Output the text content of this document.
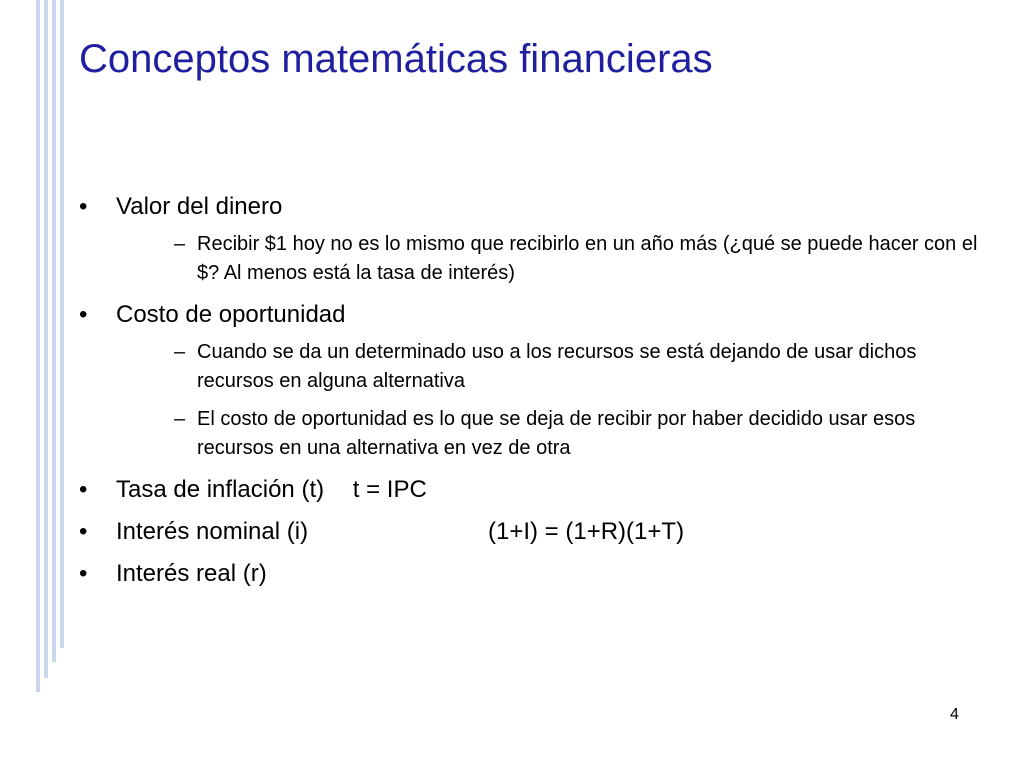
Conceptos matemáticas financieras
• Valor del dinero
– Recibir $1 hoy no es lo mismo que recibirlo en un año más (¿qué se puede hacer con el $? Al menos está la tasa de interés)
• Costo de oportunidad
– Cuando se da un determinado uso a los recursos se está dejando de usar dichos recursos en alguna alternativa
– El costo de oportunidad es lo que se deja de recibir por haber decidido usar esos recursos en una alternativa en vez de otra
• Tasa de inflación (t) t = IPC
• Interés nominal (i)	(1+I) = (1+R)(1+T)
• Interés real (r)
4
